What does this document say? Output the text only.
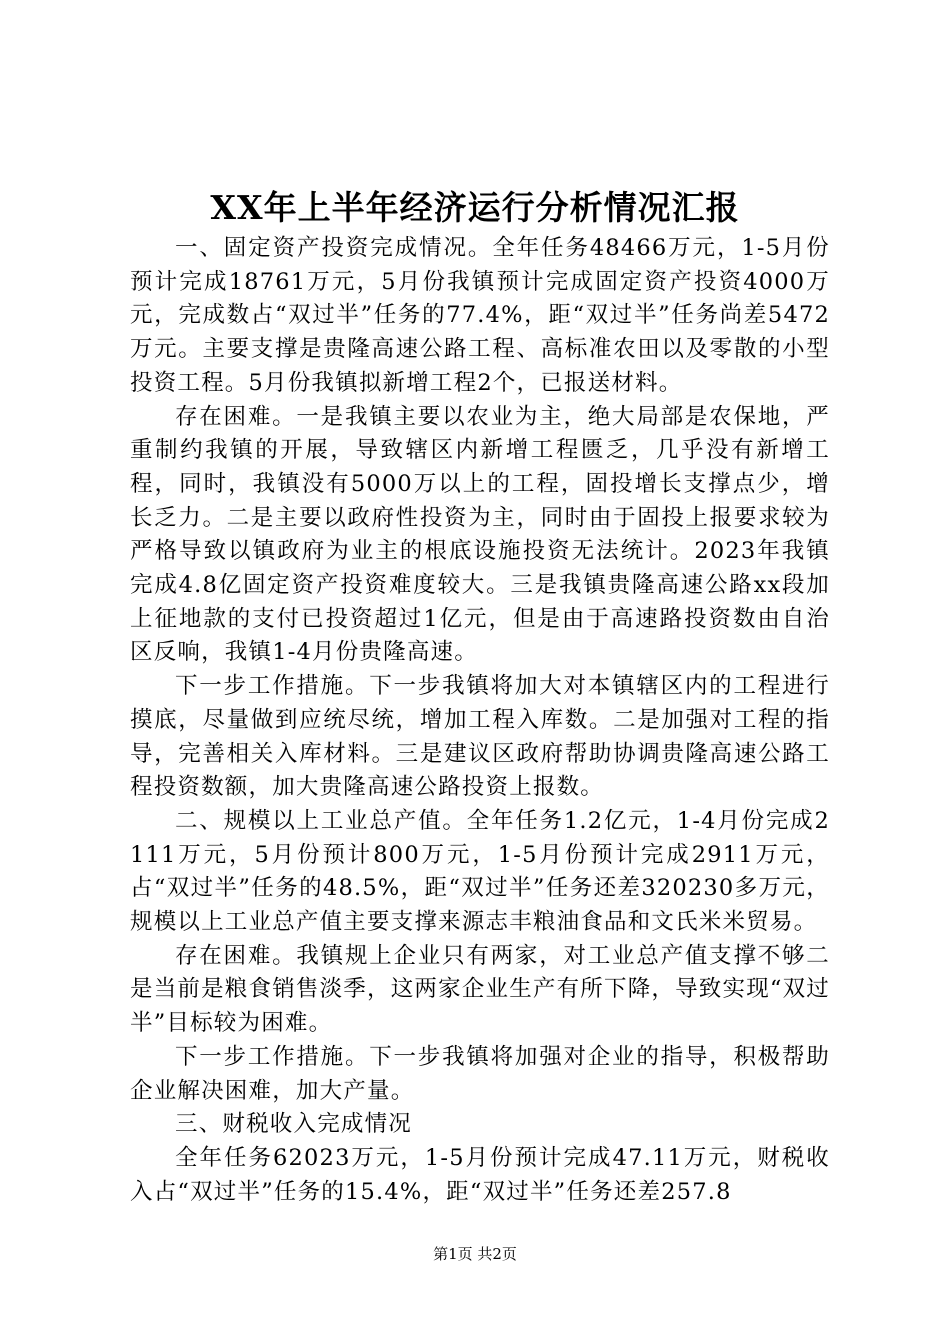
XX年上半年经济运行分析情况汇报

一、固定资产投资完成情况。全年任务48466万元，1-5月份预计完成18761万元，5月份我镇预计完成固定资产投资4000万元，完成数占“双过半”任务的77.4%，距“双过半”任务尚差5472万元。主要支撑是贵隆高速公路工程、高标准农田以及零散的小型投资工程。5月份我镇拟新增工程2个，已报送材料。

存在困难。一是我镇主要以农业为主，绝大局部是农保地，严重制约我镇的开展，导致辖区内新增工程匮乏，几乎没有新增工程，同时，我镇没有5000万以上的工程，固投增长支撑点少，增长乏力。二是主要以政府性投资为主，同时由于固投上报要求较为严格导致以镇政府为业主的根底设施投资无法统计。2023年我镇完成4.8亿固定资产投资难度较大。三是我镇贵隆高速公路xx段加上征地款的支付已投资超过1亿元，但是由于高速路投资数由自治区反响，我镇1-4月份贵隆高速。

下一步工作措施。下一步我镇将加大对本镇辖区内的工程进行摸底，尽量做到应统尽统，增加工程入库数。二是加强对工程的指导，完善相关入库材料。三是建议区政府帮助协调贵隆高速公路工程投资数额，加大贵隆高速公路投资上报数。

二、规模以上工业总产值。全年任务1.2亿元，1-4月份完成2111万元，5月份预计800万元，1-5月份预计完成2911万元，占“双过半”任务的48.5%，距“双过半”任务还差320230多万元，规模以上工业总产值主要支撑来源志丰粮油食品和文氏米米贸易。

存在困难。我镇规上企业只有两家，对工业总产值支撑不够二是当前是粮食销售淡季，这两家企业生产有所下降，导致实现“双过半”目标较为困难。

下一步工作措施。下一步我镇将加强对企业的指导，积极帮助企业解决困难，加大产量。

三、财税收入完成情况

全年任务62023万元，1-5月份预计完成47.11万元，财税收入占“双过半”任务的15.4%，距“双过半”任务还差257.8

第1页 共2页
